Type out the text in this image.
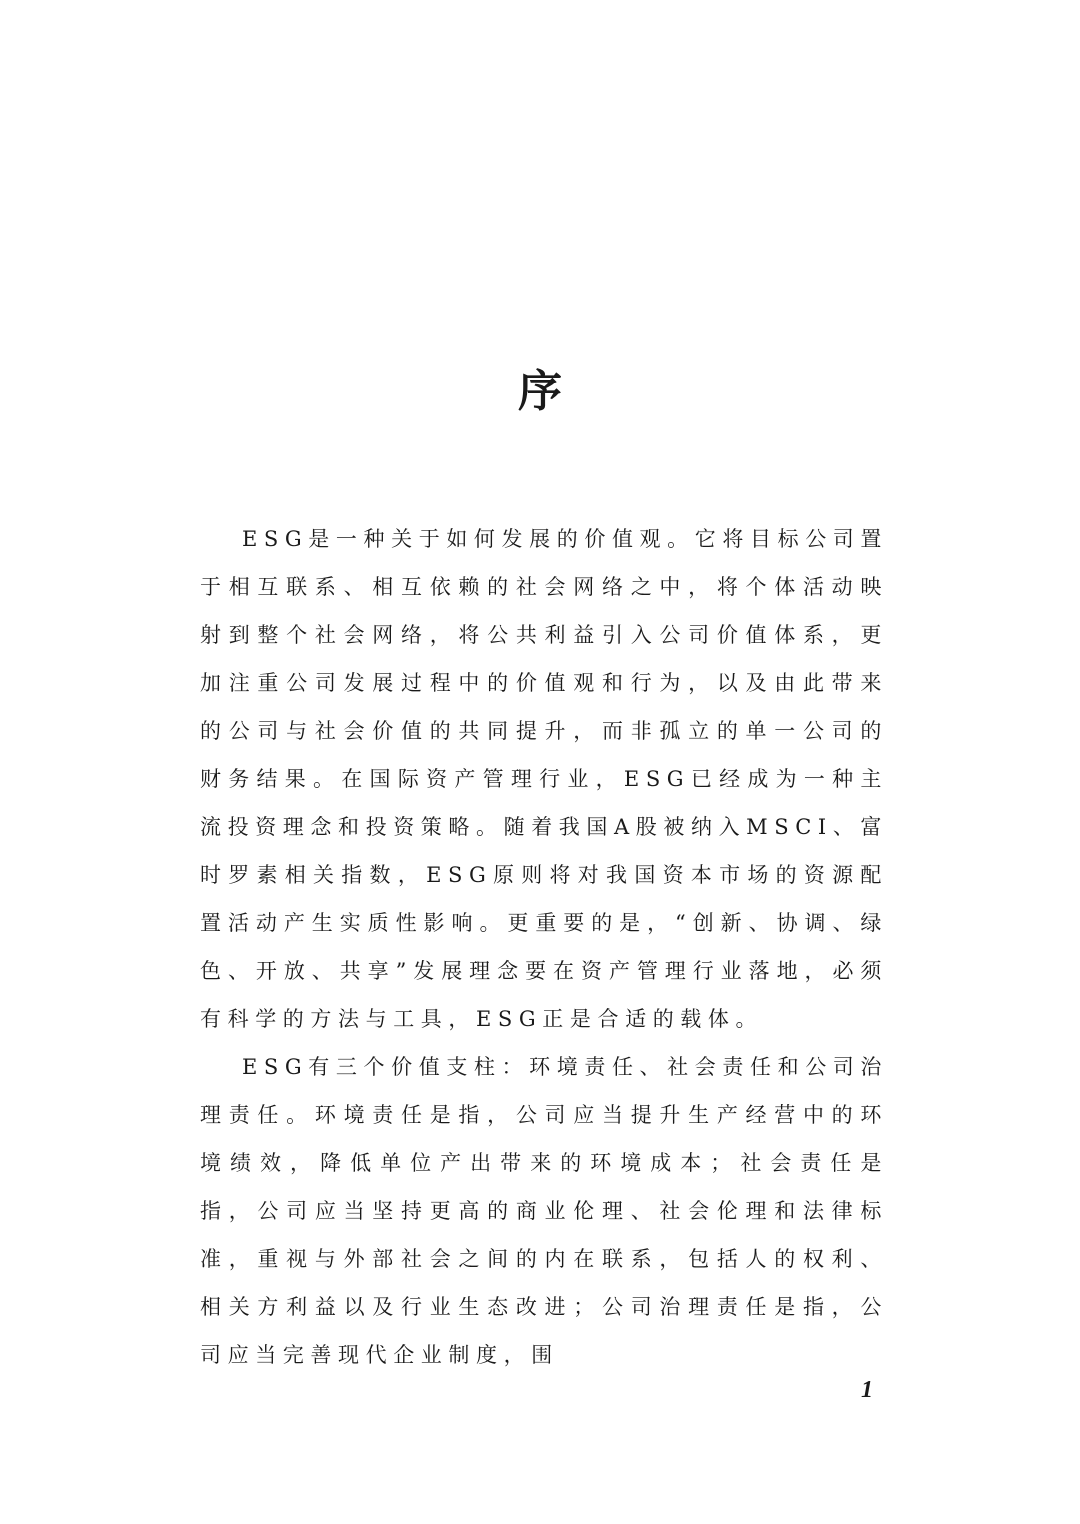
序

ESG是一种关于如何发展的价值观。它将目标公司置于相互联系、相互依赖的社会网络之中，将个体活动映射到整个社会网络，将公共利益引入公司价值体系，更加注重公司发展过程中的价值观和行为，以及由此带来的公司与社会价值的共同提升，而非孤立的单一公司的财务结果。在国际资产管理行业，ESG已经成为一种主流投资理念和投资策略。随着我国A股被纳入MSCI、富时罗素相关指数，ESG原则将对我国资本市场的资源配置活动产生实质性影响。更重要的是，“创新、协调、绿色、开放、共享”发展理念要在资产管理行业落地，必须有科学的方法与工具，ESG正是合适的载体。

ESG有三个价值支柱：环境责任、社会责任和公司治理责任。环境责任是指，公司应当提升生产经营中的环境绩效，降低单位产出带来的环境成本；社会责任是指，公司应当坚持更高的商业伦理、社会伦理和法律标准，重视与外部社会之间的内在联系，包括人的权利、相关方利益以及行业生态改进；公司治理责任是指，公司应当完善现代企业制度，围

1
